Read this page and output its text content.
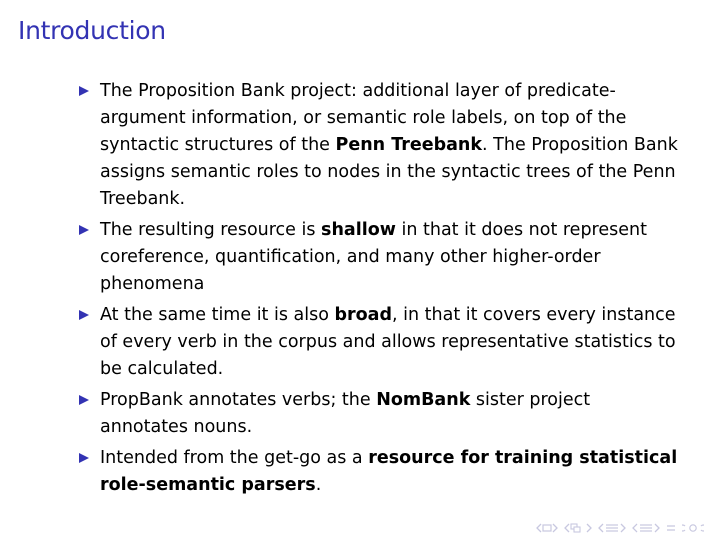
Introduction
The Proposition Bank project: additional layer of predicate-argument information, or semantic role labels, on top of the syntactic structures of the Penn Treebank. The Proposition Bank assigns semantic roles to nodes in the syntactic trees of the Penn Treebank.
The resulting resource is shallow in that it does not represent coreference, quantification, and many other higher-order phenomena
At the same time it is also broad, in that it covers every instance of every verb in the corpus and allows representative statistics to be calculated.
PropBank annotates verbs; the NomBank sister project annotates nouns.
Intended from the get-go as a resource for training statistical role-semantic parsers.
